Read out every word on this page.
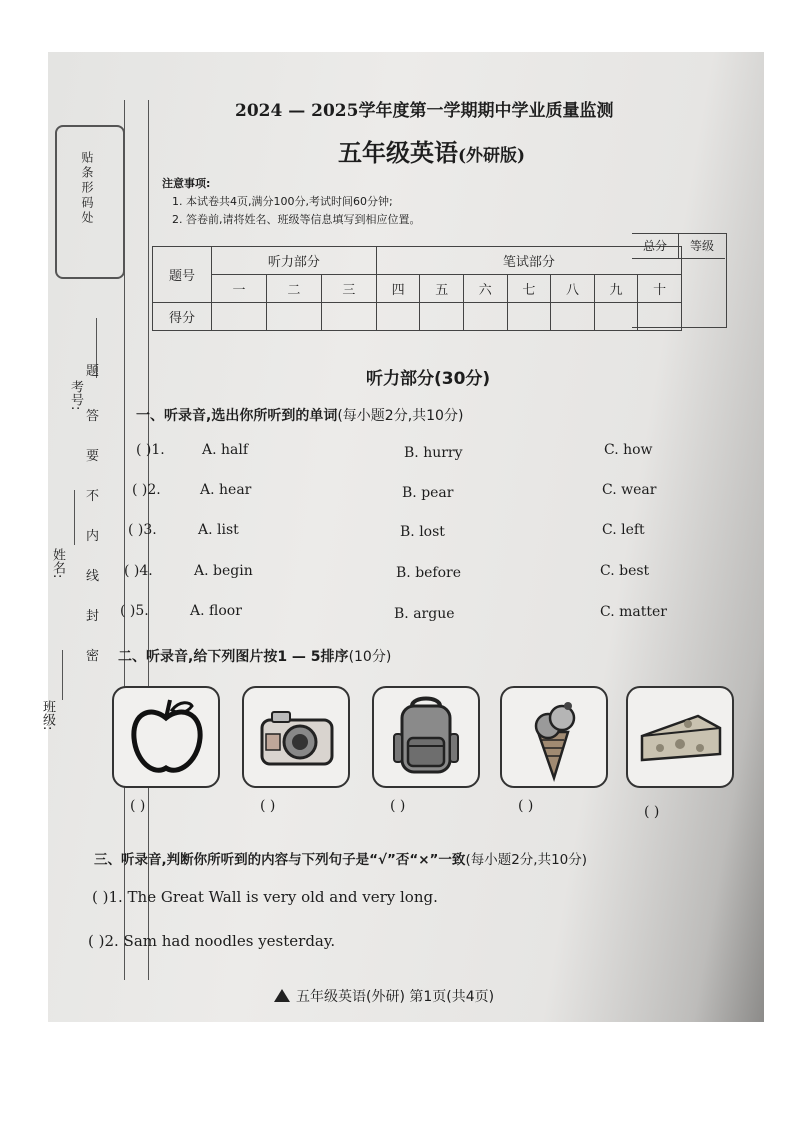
贴条形码处
考号:
姓名:
班级:
题
答
要
不
内
线
封
密
2024 — 2025学年度第一学期期中学业质量监测
五年级英语(外研版)
注意事项:
1. 本试卷共4页,满分100分,考试时间60分钟;
2. 答卷前,请将姓名、班级等信息填写到相应位置。
题号	听力部分			笔试部分						
	一	二	三	四	五	六	七	八	九	十
得分										
总分	等级
听力部分(30分)
一、听录音,选出你所听到的单词(每小题2分,共10分)
( )1.	A. half	B. hurry	C. how
( )2.	A. hear	B. pear	C. wear
( )3.	A. list	B. lost	C. left
( )4.	A. begin	B. before	C. best
( )5.	A. floor	B. argue	C. matter
二、听录音,给下列图片按1 — 5排序(10分)
( )	( )	( )	( )	( )
三、听录音,判断你所听到的内容与下列句子是“√”否“×”一致(每小题2分,共10分)
( )1. The Great Wall is very old and very long.
( )2. Sam had noodles yesterday.
五年级英语(外研) 第1页(共4页)
